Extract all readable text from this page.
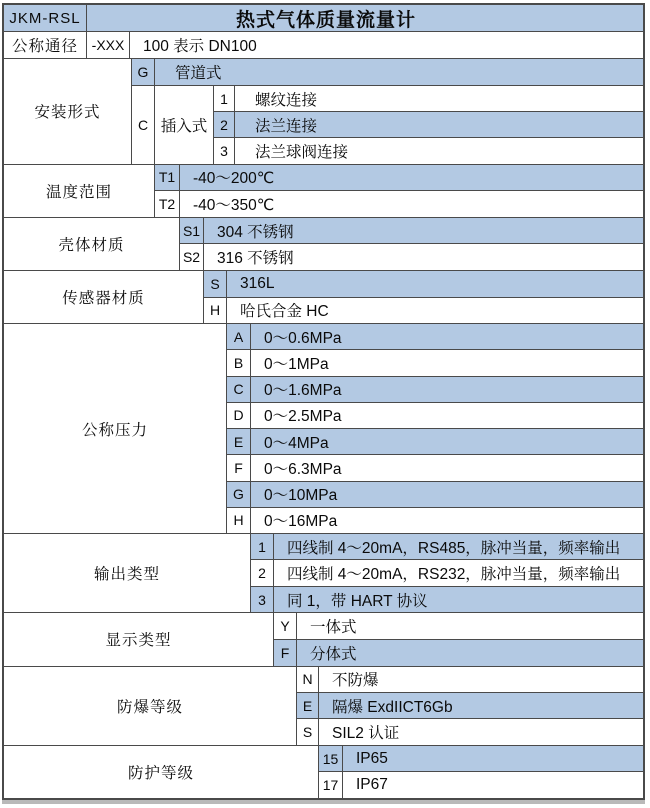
JKM-RSL	热式气体质量流量计
公称通径 -XXX	100 表示 DN100
安装形式
G	管道式
C 插入式
1	螺纹连接
2	法兰连接
3	法兰球阀连接
温度范围
T1	-40～200℃
T2	-40～350℃
壳体材质
S1	304 不锈钢
S2	316 不锈钢
传感器材质
S	316L
H	哈氏合金 HC
公称压力
A	0～0.6MPa
B	0～1MPa
C	0～1.6MPa
D	0～2.5MPa
E	0～4MPa
F	0～6.3MPa
G	0～10MPa
H	0～16MPa
输出类型
1	四线制 4～20mA，RS485，脉冲当量，频率输出
2	四线制 4～20mA，RS232，脉冲当量，频率输出
3	同 1，带 HART 协议
显示类型
Y	一体式
F	分体式
防爆等级
N	不防爆
E	隔爆 ExdIICT6Gb
S	SIL2 认证
防护等级
15	IP65
17	IP67
